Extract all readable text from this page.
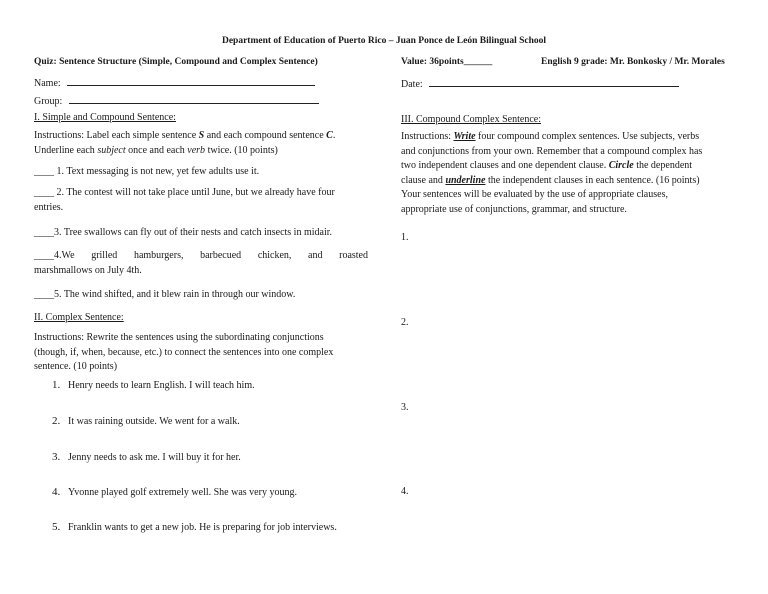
Department of Education of Puerto Rico – Juan Ponce de León Bilingual School
Quiz: Sentence Structure (Simple, Compound and Complex Sentence)
Name:
Group:
I. Simple and Compound Sentence:
Instructions: Label each simple sentence S and each compound sentence C.
Underline each subject once and each verb twice. (10 points)
____ 1. Text messaging is not new, yet few adults use it.
____ 2. The contest will not take place until June, but we already have four
entries.
____3. Tree swallows can fly out of their nests and catch insects in midair.
____4.We grilled hamburgers, barbecued chicken, and roasted
marshmallows on July 4th.
____5. The wind shifted, and it blew rain in through our window.
II. Complex Sentence:
Instructions: Rewrite the sentences using the subordinating conjunctions
(though, if, when, because, etc.) to connect the sentences into one complex
sentence. (10 points)
1. Henry needs to learn English. I will teach him.
2. It was raining outside. We went for a walk.
3. Jenny needs to ask me. I will buy it for her.
4. Yvonne played golf extremely well. She was very young.
5. Franklin wants to get a new job. He is preparing for job interviews.
Value: 36points______	English 9 grade: Mr. Bonkosky / Mr. Morales
Date:
III. Compound Complex Sentence:
Instructions: Write four compound complex sentences. Use subjects, verbs
and conjunctions from your own. Remember that a compound complex has
two independent clauses and one dependent clause. Circle the dependent
clause and underline the independent clauses in each sentence. (16 points)
Your sentences will be evaluated by the use of appropriate clauses,
appropriate use of conjunctions, grammar, and structure.
1.
2.
3.
4.
